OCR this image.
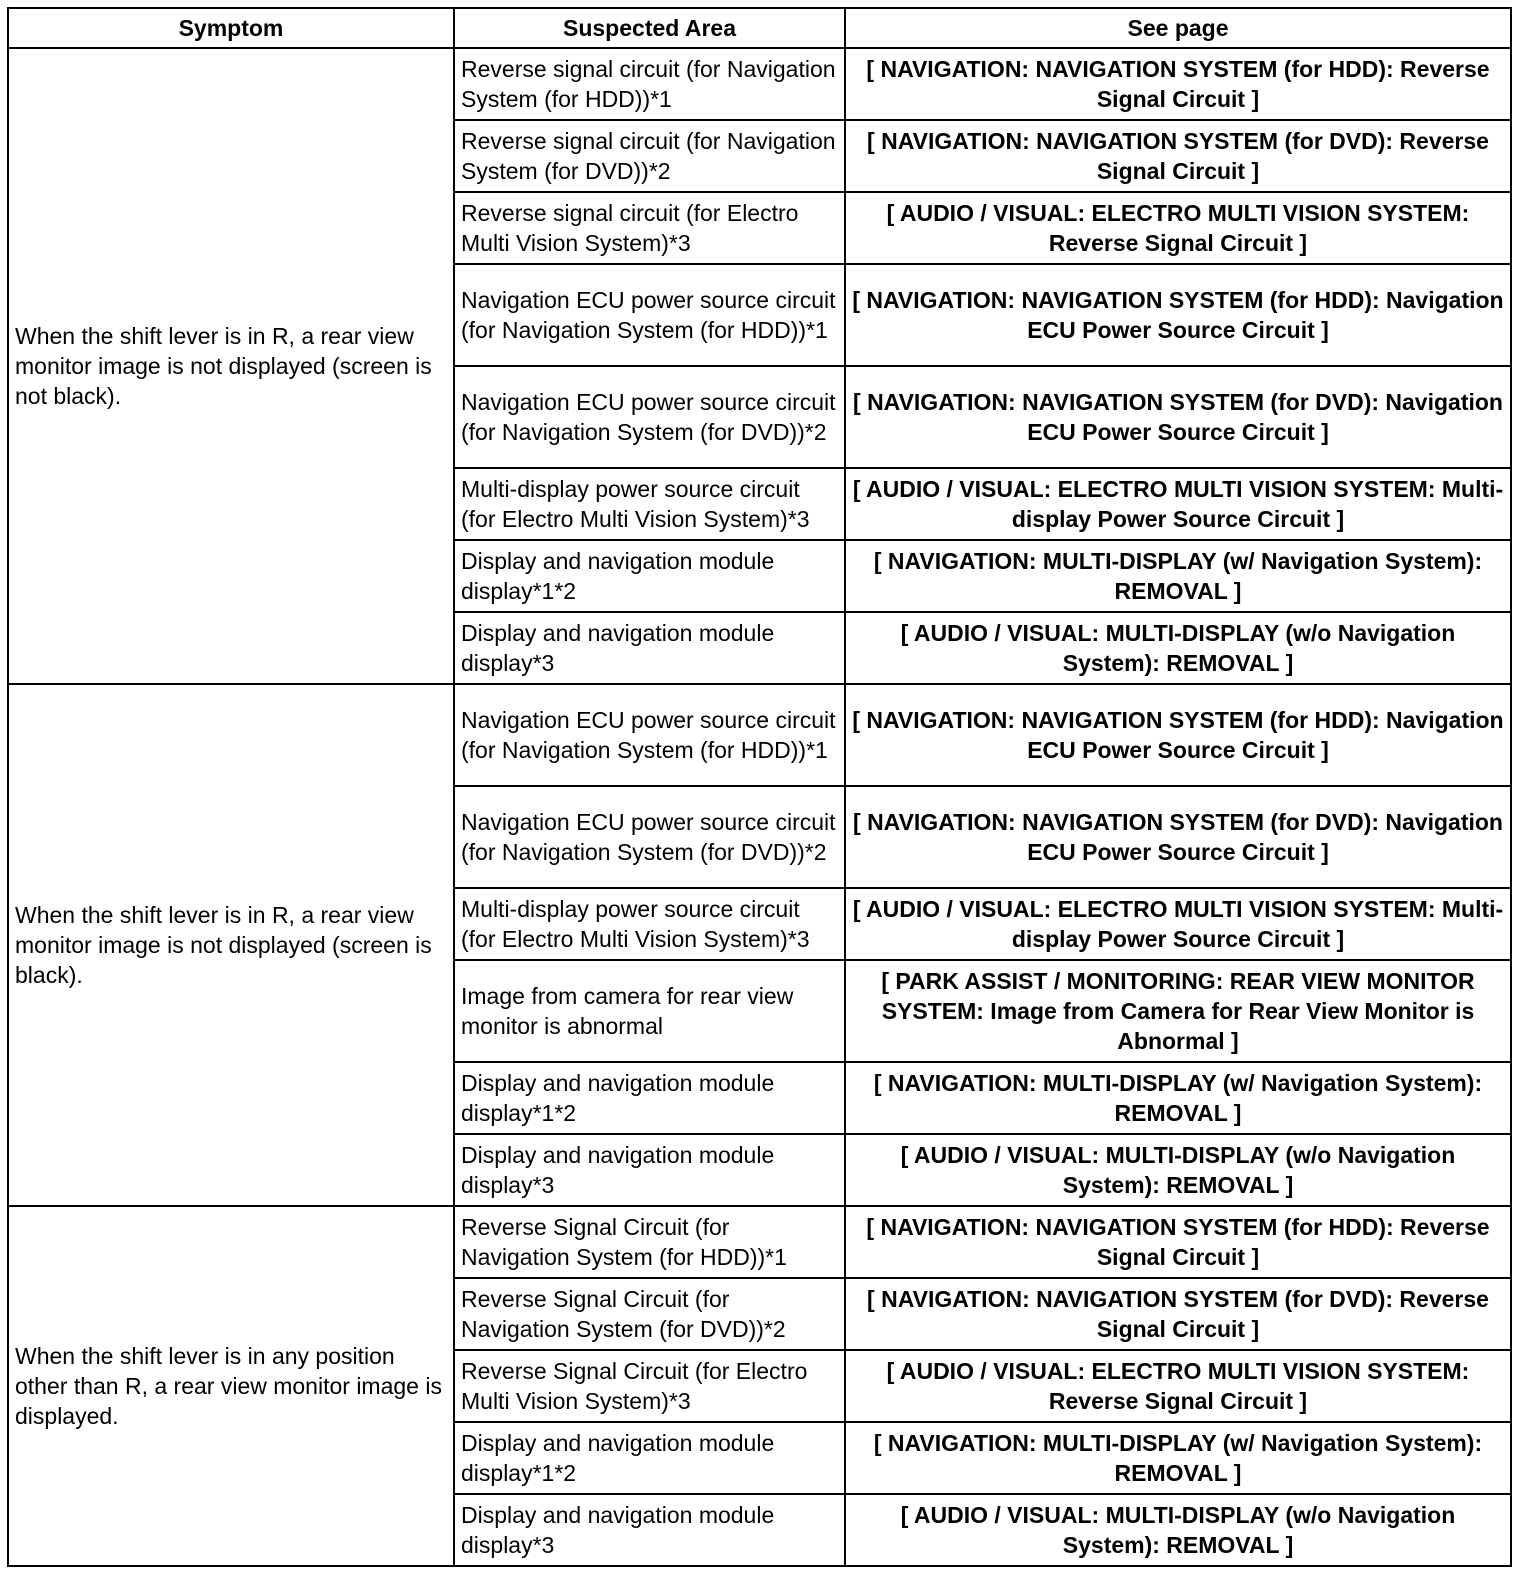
Symptom	Suspected Area	See page
When the shift lever is in R, a rear view monitor image is not displayed (screen is not black).	Reverse signal circuit (for Navigation System (for HDD))*1	[ NAVIGATION: NAVIGATION SYSTEM (for HDD): Reverse Signal Circuit ]
	Reverse signal circuit (for Navigation System (for DVD))*2	[ NAVIGATION: NAVIGATION SYSTEM (for DVD): Reverse Signal Circuit ]
	Reverse signal circuit (for Electro Multi Vision System)*3	[ AUDIO / VISUAL: ELECTRO MULTI VISION SYSTEM: Reverse Signal Circuit ]
	Navigation ECU power source circuit (for Navigation System (for HDD))*1	[ NAVIGATION: NAVIGATION SYSTEM (for HDD): Navigation ECU Power Source Circuit ]
	Navigation ECU power source circuit (for Navigation System (for DVD))*2	[ NAVIGATION: NAVIGATION SYSTEM (for DVD): Navigation ECU Power Source Circuit ]
	Multi-display power source circuit (for Electro Multi Vision System)*3	[ AUDIO / VISUAL: ELECTRO MULTI VISION SYSTEM: Multi-display Power Source Circuit ]
	Display and navigation module display*1*2	[ NAVIGATION: MULTI-DISPLAY (w/ Navigation System): REMOVAL ]
	Display and navigation module display*3	[ AUDIO / VISUAL: MULTI-DISPLAY (w/o Navigation System): REMOVAL ]
When the shift lever is in R, a rear view monitor image is not displayed (screen is black).	Navigation ECU power source circuit (for Navigation System (for HDD))*1	[ NAVIGATION: NAVIGATION SYSTEM (for HDD): Navigation ECU Power Source Circuit ]
	Navigation ECU power source circuit (for Navigation System (for DVD))*2	[ NAVIGATION: NAVIGATION SYSTEM (for DVD): Navigation ECU Power Source Circuit ]
	Multi-display power source circuit (for Electro Multi Vision System)*3	[ AUDIO / VISUAL: ELECTRO MULTI VISION SYSTEM: Multi-display Power Source Circuit ]
	Image from camera for rear view monitor is abnormal	[ PARK ASSIST / MONITORING: REAR VIEW MONITOR SYSTEM: Image from Camera for Rear View Monitor is Abnormal ]
	Display and navigation module display*1*2	[ NAVIGATION: MULTI-DISPLAY (w/ Navigation System): REMOVAL ]
	Display and navigation module display*3	[ AUDIO / VISUAL: MULTI-DISPLAY (w/o Navigation System): REMOVAL ]
When the shift lever is in any position other than R, a rear view monitor image is displayed.	Reverse Signal Circuit (for Navigation System (for HDD))*1	[ NAVIGATION: NAVIGATION SYSTEM (for HDD): Reverse Signal Circuit ]
	Reverse Signal Circuit (for Navigation System (for DVD))*2	[ NAVIGATION: NAVIGATION SYSTEM (for DVD): Reverse Signal Circuit ]
	Reverse Signal Circuit (for Electro Multi Vision System)*3	[ AUDIO / VISUAL: ELECTRO MULTI VISION SYSTEM: Reverse Signal Circuit ]
	Display and navigation module display*1*2	[ NAVIGATION: MULTI-DISPLAY (w/ Navigation System): REMOVAL ]
	Display and navigation module display*3	[ AUDIO / VISUAL: MULTI-DISPLAY (w/o Navigation System): REMOVAL ]
